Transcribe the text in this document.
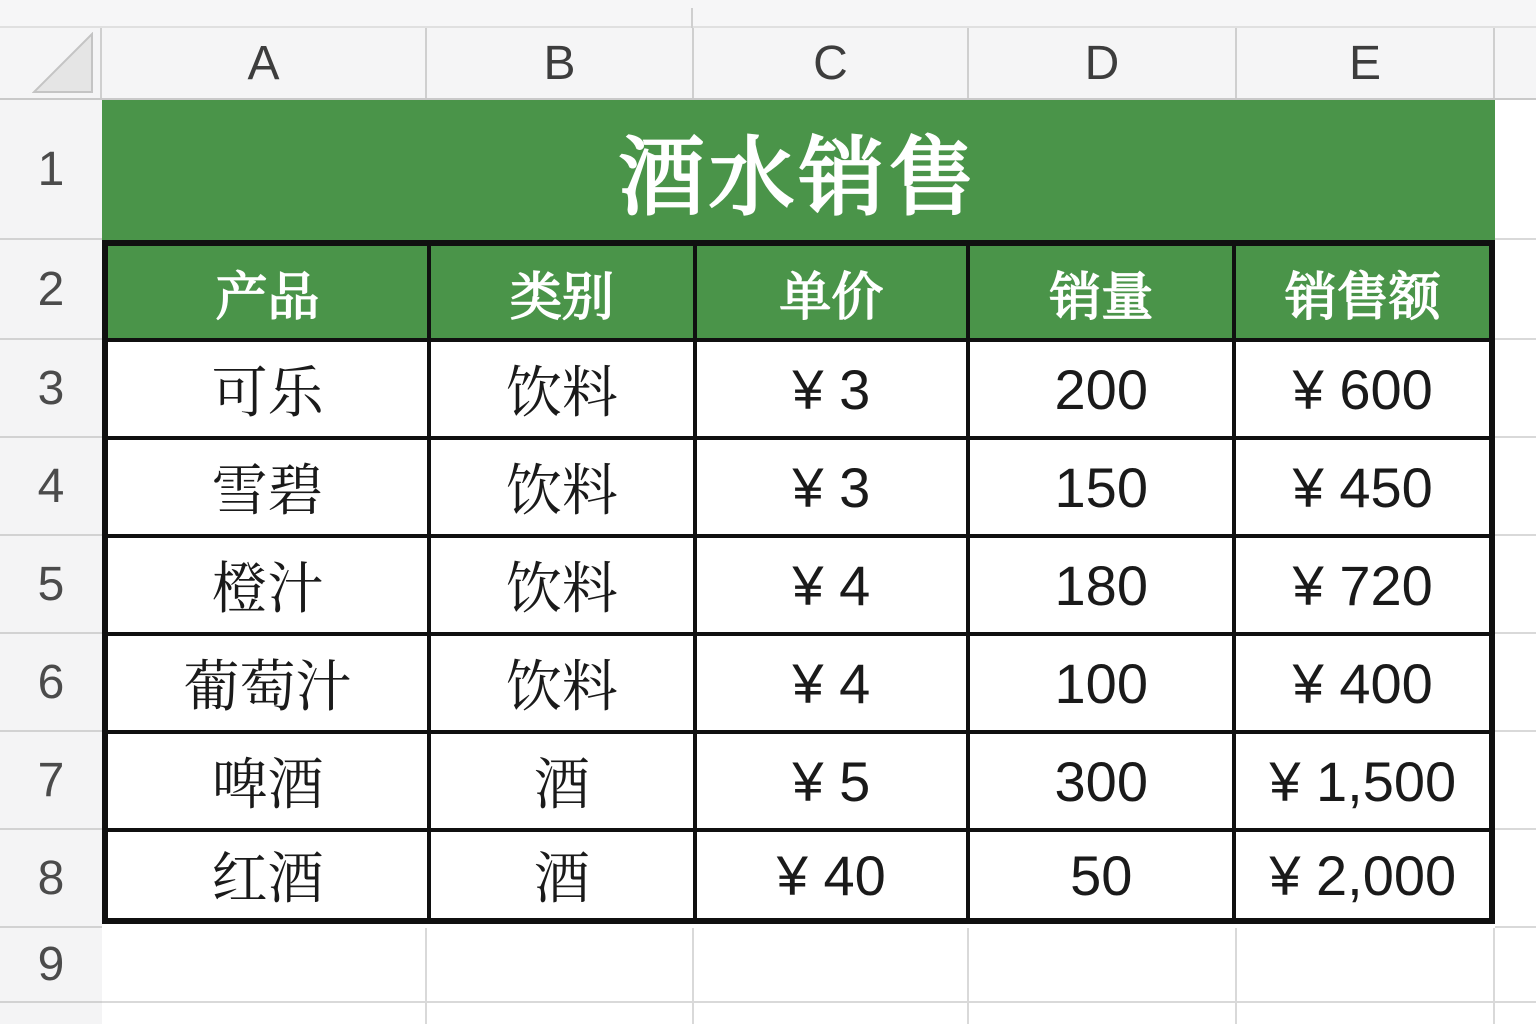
A	B	C	D	E
1
2
3
4
5
6
7
8
9
酒水销售
产品	类别	单价	销量	销售额
可乐	饮料	¥ 3	200	¥ 600
雪碧	饮料	¥ 3	150	¥ 450
橙汁	饮料	¥ 4	180	¥ 720
葡萄汁	饮料	¥ 4	100	¥ 400
啤酒	酒	¥ 5	300	¥ 1,500
红酒	酒	¥ 40	50	¥ 2,000
